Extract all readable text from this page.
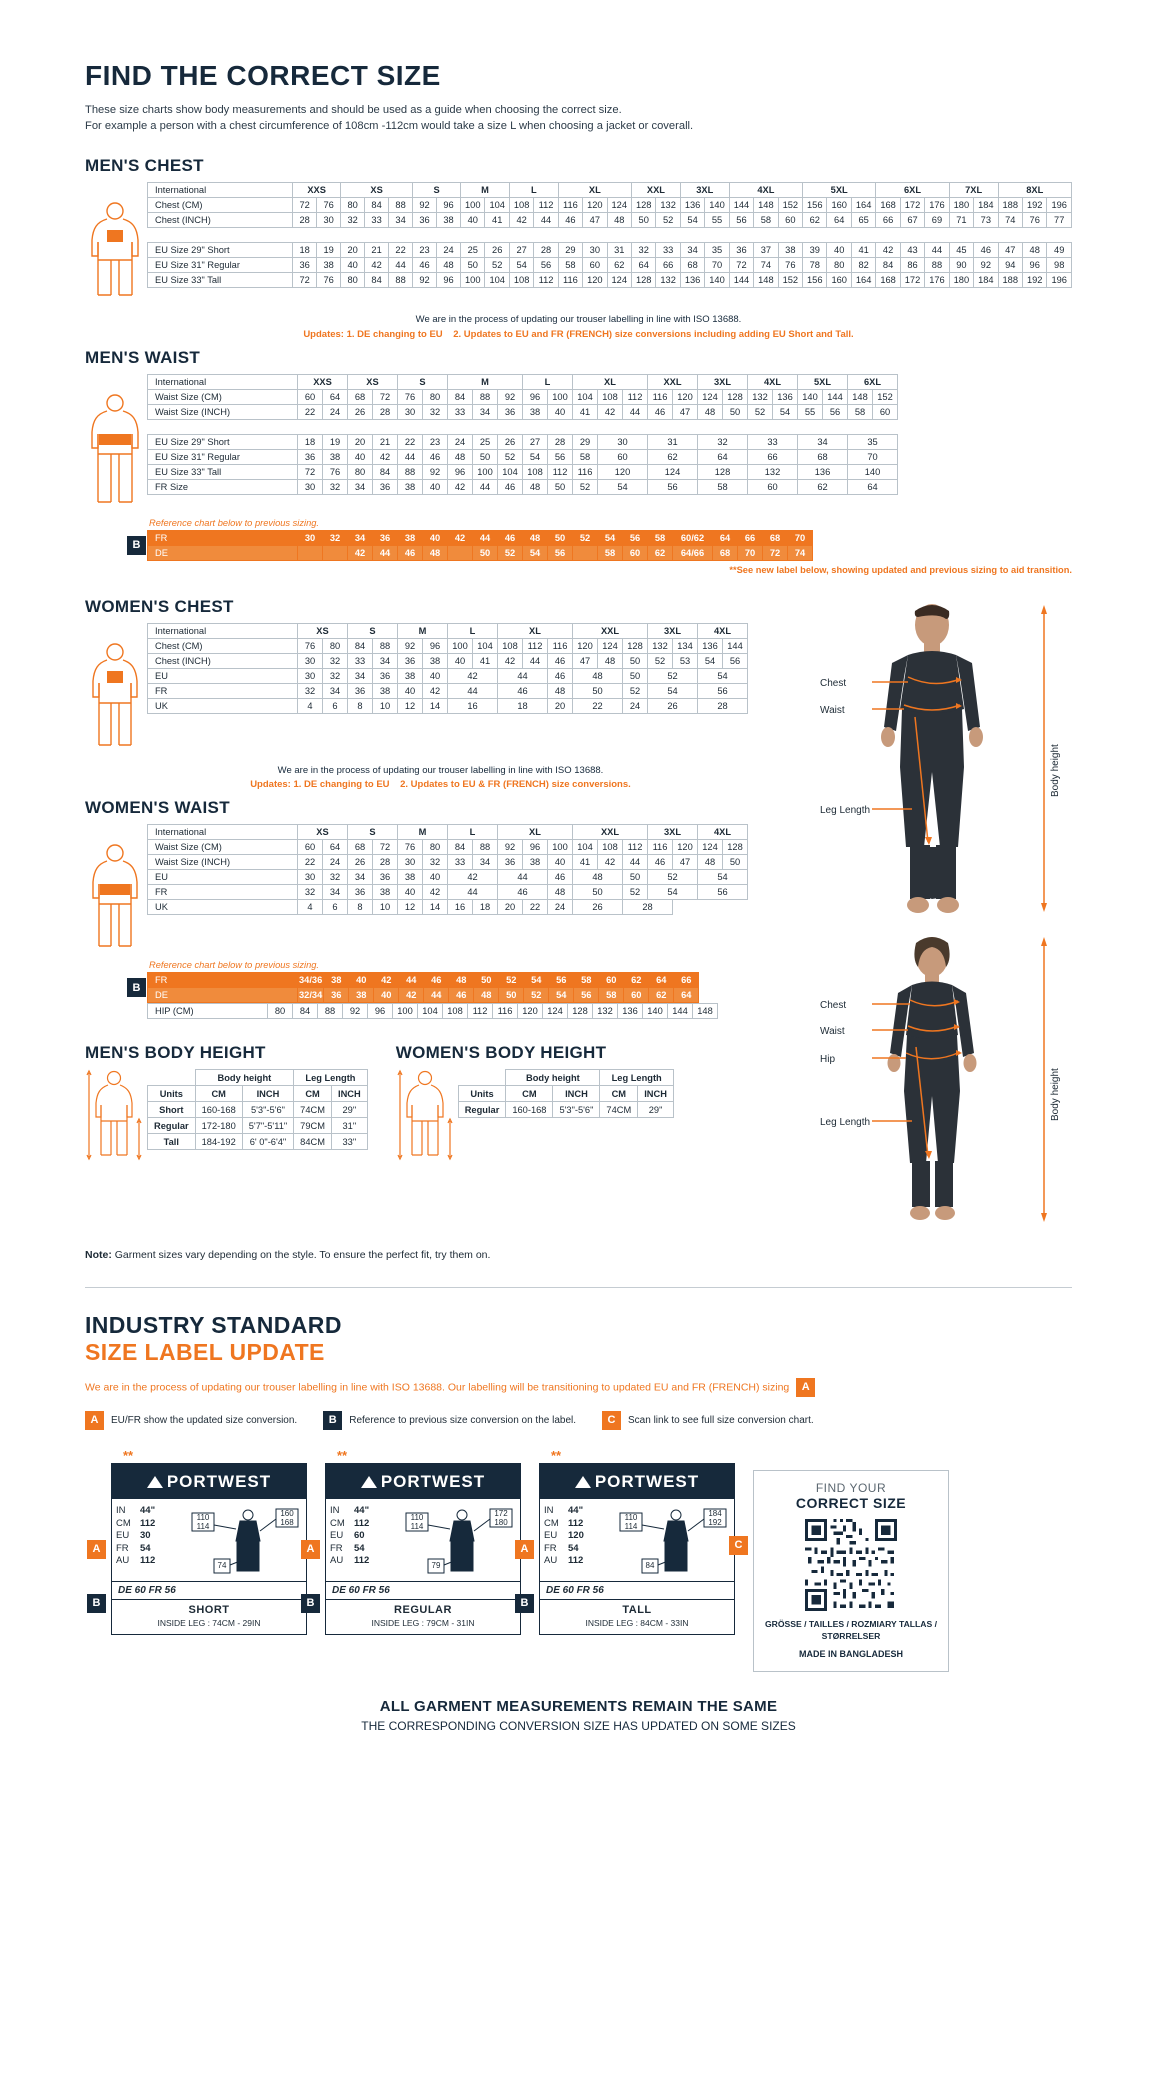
FIND THE CORRECT SIZE
These size charts show body measurements and should be used as a guide when choosing the correct size.
For example a person with a chest circumference of 108cm -112cm would take a size L when choosing a jacket or coverall.
MEN'S CHEST
International	XXS		XS			S		M		L		XL			XXL		3XL		4XL			5XL			6XL			7XL		8XL		
Chest (CM)	72	76	80	84	88	92	96	100	104	108	112	116	120	124	128	132	136	140	144	148	152	156	160	164	168	172	176	180	184	188	192	196
Chest (INCH)	28	30	32	33	34	36	38	40	41	42	44	46	47	48	50	52	54	55	56	58	60	62	64	65	66	67	69	71	73	74	76	77

EU Size 29" Short	18	19	20	21	22	23	24	25	26	27	28	29	30	31	32	33	34	35	36	37	38	39	40	41	42	43	44	45	46	47	48	49
EU Size 31" Regular	36	38	40	42	44	46	48	50	52	54	56	58	60	62	64	66	68	70	72	74	76	78	80	82	84	86	88	90	92	94	96	98
EU Size 33" Tall	72	76	80	84	88	92	96	100	104	108	112	116	120	124	128	132	136	140	144	148	152	156	160	164	168	172	176	180	184	188	192	196
We are in the process of updating our trouser labelling in line with ISO 13688.
Updates: 1. DE changing to EU 2. Updates to EU and FR (FRENCH) size conversions including adding EU Short and Tall.
MEN'S WAIST
International	XXS		XS		S		M			L		XL			XXL		3XL		4XL		5XL		6XL	
Waist Size (CM)	60	64	68	72	76	80	84	88	92	96	100	104	108	112	116	120	124	128	132	136	140	144	148	152
Waist Size (INCH)	22	24	26	28	30	32	33	34	36	38	40	41	42	44	46	47	48	50	52	54	55	56	58	60

EU Size 29" Short	18	19	20	21	22	23	24	25	26	27	28	29	30		31		32		33		34		35	
EU Size 31" Regular	36	38	40	42	44	46	48	50	52	54	56	58	60		62		64		66		68		70	
EU Size 33" Tall	72	76	80	84	88	92	96	100	104	108	112	116	120		124		128		132		136		140	
FR Size	30	32	34	36	38	40	42	44	46	48	50	52	54		56		58		60		62		64	
Reference chart below to previous sizing.
B
FR	30	32	34	36	38	40	42	44	46	48	50	52	54	56	58	60/62	64	66	68	70
DE			42	44	46	48		50	52	54	56		58	60	62	64/66	68	70	72	74
**See new label below, showing updated and previous sizing to aid transition.
WOMEN'S CHEST
International	XS		S		M		L		XL			XXL			3XL		4XL	
Chest (CM)	76	80	84	88	92	96	100	104	108	112	116	120	124	128	132	134	136	144
Chest (INCH)	30	32	33	34	36	38	40	41	42	44	46	47	48	50	52	53	54	56
EU	30	32	34	36	38	40	42		44		46	48		50	52		54	
FR	32	34	36	38	40	42	44		46		48	50		52	54		56	
UK	4	6	8	10	12	14	16		18		20	22		24	26		28	
We are in the process of updating our trouser labelling in line with ISO 13688.
Updates: 1. DE changing to EU 2. Updates to EU & FR (FRENCH) size conversions.
WOMEN'S WAIST
International	XS		S		M		L		XL			XXL			3XL		4XL	
Waist Size (CM)	60	64	68	72	76	80	84	88	92	96	100	104	108	112	116	120	124	128
Waist Size (INCH)	22	24	26	28	30	32	33	34	36	38	40	41	42	44	46	47	48	50
EU	30	32	34	36	38	40	42		44		46	48		50	52		54	
FR	32	34	36	38	40	42	44		46		48	50		52	54		56	
UK	4	6	8	10	12	14	16	18	20	22	24	26		28				
Reference chart below to previous sizing.
B
FR	34/36	38	40	42	44	46	48	50	52	54	56	58	60	62	64	66
DE	32/34	36	38	40	42	44	46	48	50	52	54	56	58	60	62	64
HIP (CM)	80	84	88	92	96	100	104	108	112	116	120	124	128	132	136	140	144	148
MEN'S BODY HEIGHT
	Body height		Leg Length	
Units	CM	INCH	CM	INCH
Short	160-168	5'3"-5'6"	74CM	29"
Regular	172-180	5'7"-5'11"	79CM	31"
Tall	184-192	6' 0"-6'4"	84CM	33"
WOMEN'S BODY HEIGHT
	Body height		Leg Length	
Units	CM	INCH	CM	INCH
Regular	160-168	5'3"-5'6"	74CM	29"
Chest
Waist
Leg Length
Body height
Chest
Waist
Hip
Leg Length
Body height
Note: Garment sizes vary depending on the style. To ensure the perfect fit, try them on.
INDUSTRY STANDARD
SIZE LABEL UPDATE
We are in the process of updating our trouser labelling in line with ISO 13688. Our labelling will be transitioning to updated EU and FR (FRENCH) sizing A
A	EU/FR show the updated size conversion.	B	Reference to previous size conversion on the label.	C	Scan link to see full size conversion chart.
**
PORTWEST
IN	44"
CM 112
EU	30
FR	54
AU	112
110
114
160
168
74
DE 60 FR 56
SHORT
INSIDE LEG : 74CM - 29IN
A
B
**
PORTWEST
IN	44"
CM 112
EU	60
FR	54
AU	112
110
114
172
180
79
DE 60 FR 56
REGULAR
INSIDE LEG : 79CM - 31IN
A
B
**
PORTWEST
IN	44"
CM 112
EU	120
FR	54
AU	112
110
114
184
192
84
DE 60 FR 56
TALL
INSIDE LEG : 84CM - 33IN
A
B
C
FIND YOUR
CORRECT SIZE
GRÖSSE / TAILLES / ROZMIARY TALLAS / STØRRELSER
MADE IN BANGLADESH
ALL GARMENT MEASUREMENTS REMAIN THE SAME
THE CORRESPONDING CONVERSION SIZE HAS UPDATED ON SOME SIZES
